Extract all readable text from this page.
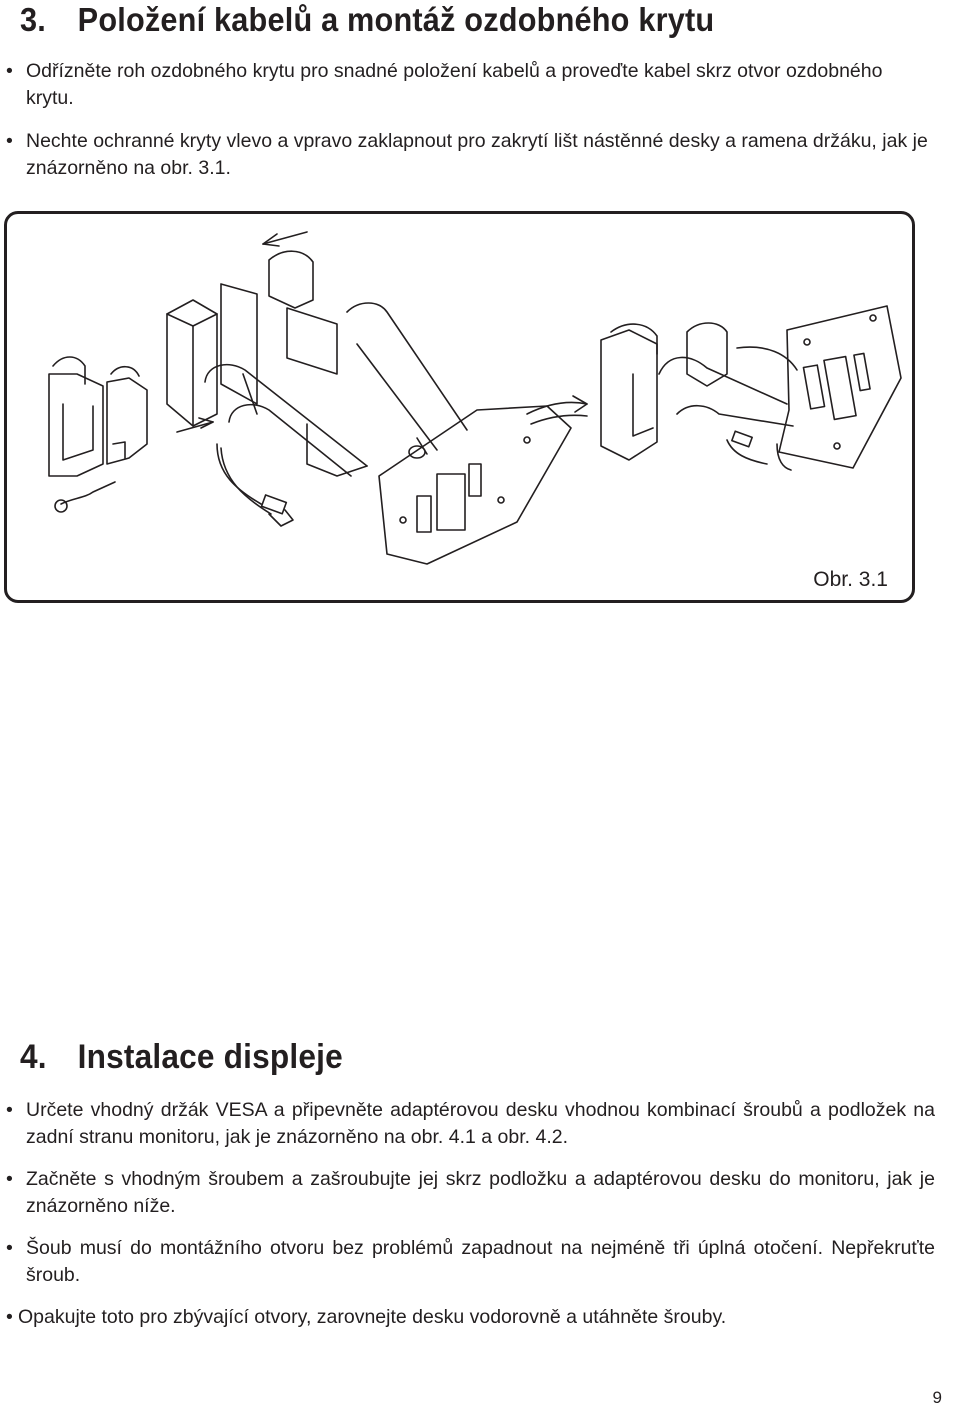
3. Položení kabelů a montáž ozdobného krytu
• Odřízněte roh ozdobného krytu pro snadné položení kabelů a proveďte kabel skrz otvor ozdobného krytu.
• Nechte ochranné kryty vlevo a vpravo zaklapnout pro zakrytí lišt nástěnné desky a ramena držáku, jak je znázorněno na obr. 3.1.
Obr. 3.1
4. Instalace displeje
• Určete vhodný držák VESA a připevněte adaptérovou desku vhodnou kombinací šroubů a podložek na zadní stranu monitoru, jak je znázorněno na obr. 4.1 a obr. 4.2.
• Začněte s vhodným šroubem a zašroubujte jej skrz podložku a adaptérovou desku do monitoru, jak je znázorněno níže.
• Šoub musí do montážního otvoru bez problémů zapadnout na nejméně tři úplná otočení. Nepřekruťte šroub.
• Opakujte toto pro zbývající otvory, zarovnejte desku vodorovně a utáhněte šrouby.
9
